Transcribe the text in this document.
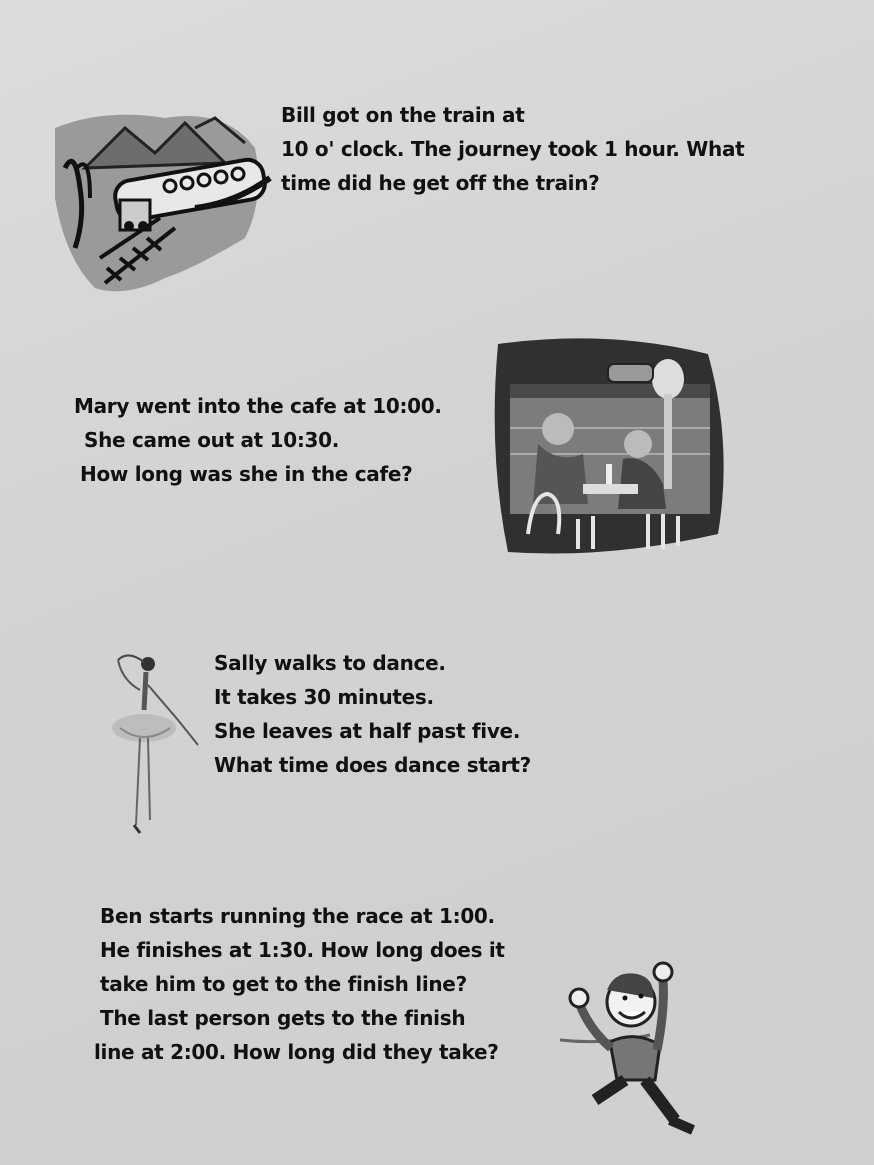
Bill got on the train at

10 o' clock. The journey took 1 hour. What

time did he get off the train?

Mary went into the cafe at 10:00.

She came out at 10:30.

How long was she in the cafe?

Sally walks to dance.

It takes 30 minutes.

She leaves at half past five.

What time does dance start?

Ben starts running the race at 1:00.

He finishes at 1:30. How long does it

take him to get to the finish line?

The last person gets to the finish

line at 2:00. How long did they take?
